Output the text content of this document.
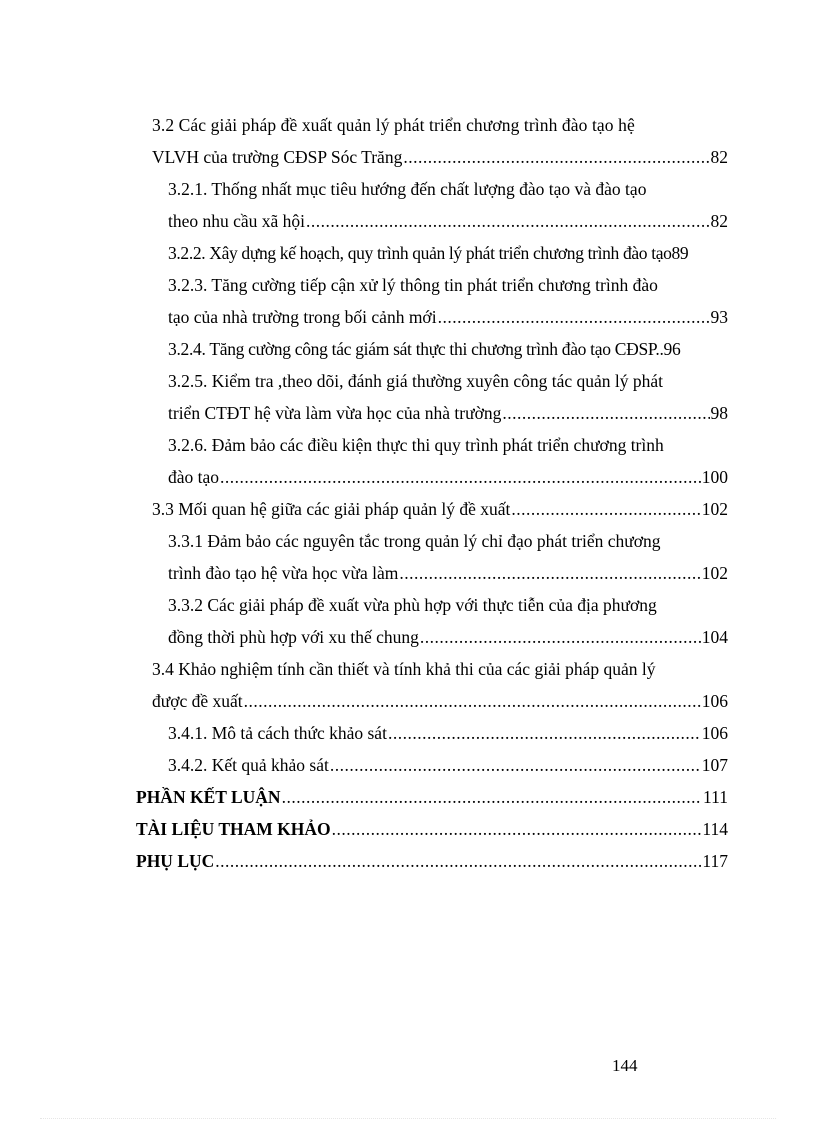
3.2 Các giải pháp đề xuất quản lý phát triển chương trình đào tạo hệ
VLVH của trường CĐSP Sóc Trăng .....	82
3.2.1. Thống nhất mục tiêu hướng đến chất lượng đào tạo và đào tạo
theo nhu cầu xã hội .....	82
3.2.2. Xây dựng kế hoạch, quy trình quản lý phát triển chương trình đào tạo89
3.2.3. Tăng cường tiếp cận xử lý thông tin phát triển chương trình đào
tạo của nhà trường trong bối cảnh mới .....	93
3.2.4. Tăng cường công tác giám sát thực thi chương trình đào tạo CĐSP..96
3.2.5. Kiểm tra ,theo dõi, đánh giá thường xuyên công tác quản lý phát
triển CTĐT hệ vừa làm vừa học của nhà trường .....	98
3.2.6. Đảm bảo các điều kiện thực thi quy trình phát triển chương trình
đào tạo .....	100
3.3 Mối quan hệ giữa các giải pháp quản lý đề xuất .....	102
3.3.1 Đảm bảo các nguyên tắc trong quản lý chỉ đạo phát triển chương
trình đào tạo hệ vừa học vừa làm .....	102
3.3.2 Các giải pháp đề xuất vừa phù hợp với thực tiễn của địa phương
đồng thời phù hợp với xu thế chung .....	104
3.4 Khảo nghiệm tính cần thiết và tính khả thi của các giải pháp quản lý
được đề xuất .....	106
3.4.1. Mô tả cách thức khảo sát .....	106
3.4.2. Kết quả khảo sát .....	107
PHẦN KẾT LUẬN .....	111
TÀI LIỆU THAM KHẢO .....	114
PHỤ LỤC .....	117
144
